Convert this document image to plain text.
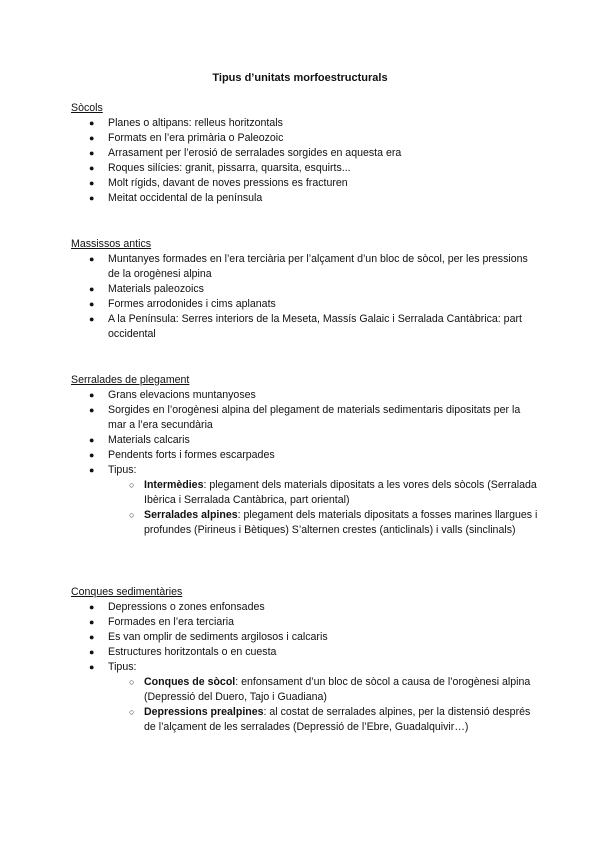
Tipus d’unitats morfoestructurals
Sòcols
● Planes o altipans: relleus horitzontals
● Formats en l’era primària o Paleozoic
● Arrasament per l’erosió de serralades sorgides en aquesta era
● Roques silícies: granit, pissarra, quarsita, esquirts...
● Molt rígids, davant de noves pressions es fracturen
● Meitat occidental de la península
Massissos antics
● Muntanyes formades en l’era terciària per l’alçament d’un bloc de sòcol, per les pressions de la orogènesi alpina
● Materials paleozoics
● Formes arrodonides i cims aplanats
● A la Península: Serres interiors de la Meseta, Massís Galaic i Serralada Cantàbrica: part occidental
Serralades de plegament
● Grans elevacions muntanyoses
● Sorgides en l’orogènesi alpina del plegament de materials sedimentaris dipositats per la mar a l’era secundària
● Materials calcaris
● Pendents forts i formes escarpades
● Tipus:
○ Intermèdies: plegament dels materials dipositats a les vores dels sòcols (Serralada Ibèrica i Serralada Cantàbrica, part oriental)
○ Serralades alpines: plegament dels materials dipositats a fosses marines llargues i profundes (Pirineus i Bètiques) S’alternen crestes (anticlinals) i valls (sinclinals)
Conques sedimentàries
● Depressions o zones enfonsades
● Formades en l’era terciaria
● Es van omplir de sediments argilosos i calcaris
● Estructures horitzontals o en cuesta
● Tipus:
○ Conques de sòcol: enfonsament d’un bloc de sòcol a causa de l’orogènesi alpina (Depressió del Duero, Tajo i Guadiana)
○ Depressions prealpines: al costat de serralades alpines, per la distensió després de l’alçament de les serralades (Depressió de l’Ebre, Guadalquivir…)
